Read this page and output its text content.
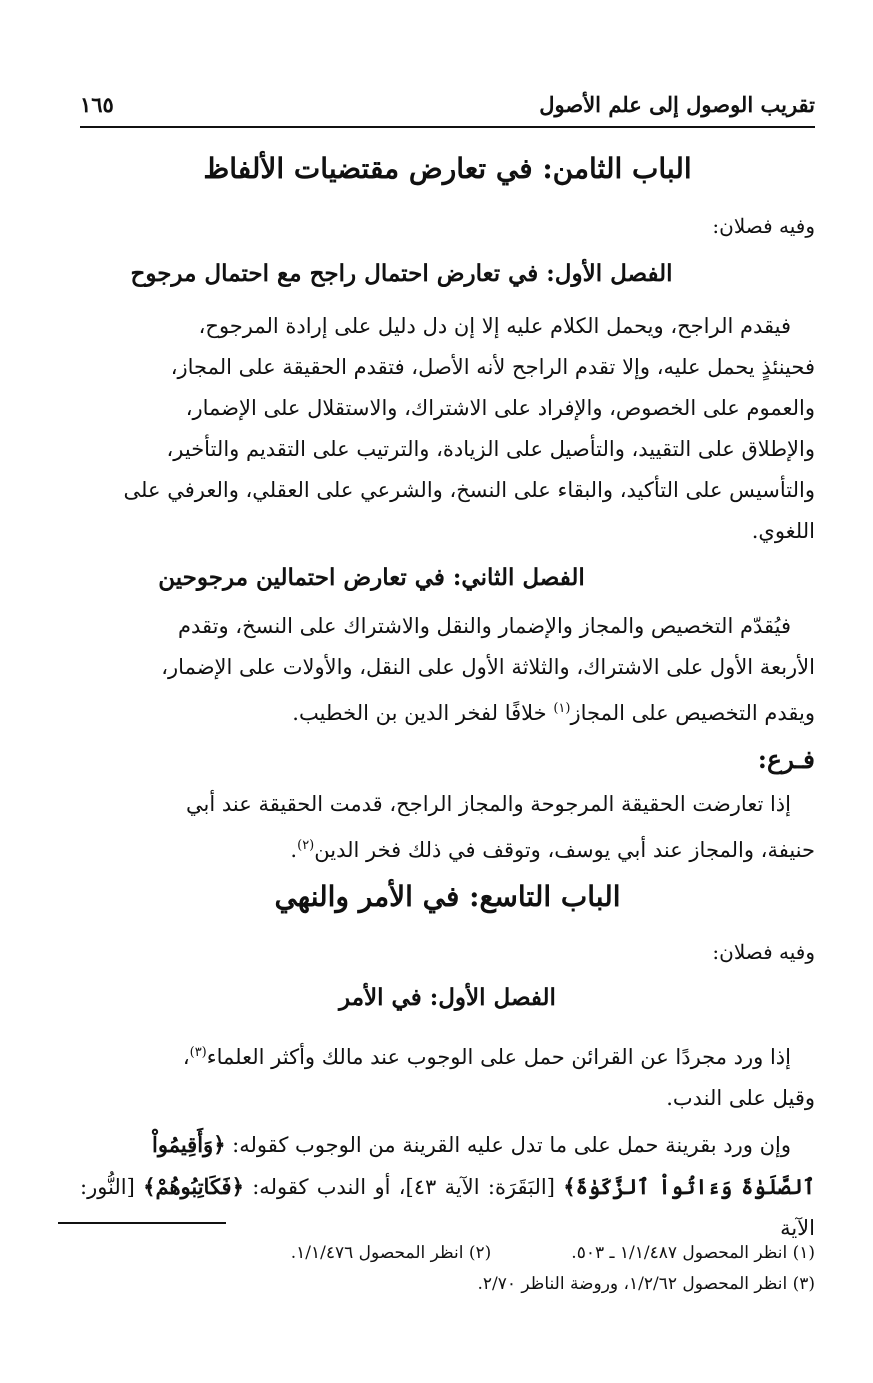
تقريب الوصول إلى علم الأصول
١٦٥
الباب الثامن: في تعارض مقتضيات الألفاظ
وفيه فصلان:
الفصل الأول: في تعارض احتمال راجح مع احتمال مرجوح
فيقدم الراجح، ويحمل الكلام عليه إلا إن دل دليل على إرادة المرجوح،
فحينئذٍ يحمل عليه، وإلا تقدم الراجح لأنه الأصل، فتقدم الحقيقة على المجاز،
والعموم على الخصوص، والإفراد على الاشتراك، والاستقلال على الإضمار،
والإطلاق على التقييد، والتأصيل على الزيادة، والترتيب على التقديم والتأخير،
والتأسيس على التأكيد، والبقاء على النسخ، والشرعي على العقلي، والعرفي على
اللغوي.
الفصل الثاني: في تعارض احتمالين مرجوحين
فيُقدّم التخصيص والمجاز والإضمار والنقل والاشتراك على النسخ، وتقدم
الأربعة الأول على الاشتراك، والثلاثة الأول على النقل، والأولات على الإضمار،
ويقدم التخصيص على المجاز$^{(١)}$ خلافًا لفخر الدين بن الخطيب.
فـرع:
إذا تعارضت الحقيقة المرجوحة والمجاز الراجح، قدمت الحقيقة عند أبي
حنيفة، والمجاز عند أبي يوسف، وتوقف في ذلك فخر الدين$^{(٢)}$.
الباب التاسع: في الأمر والنهي
وفيه فصلان:
الفصل الأول: في الأمر
إذا ورد مجردًا عن القرائن حمل على الوجوب عند مالك وأكثر العلماء$^{(٣)}$،
وقيل على الندب.
وإن ورد بقرينة حمل على ما تدل عليه القرينة من الوجوب كقوله: ﴿وَأَقِيمُواْ
ٱلصَّلَوٰةَ وَءَاتُواْ ٱلزَّكَوٰةَ﴾ [البَقَرَة: الآية ٤٣]، أو الندب كقوله: ﴿فَكَاتِبُوهُمْ﴾ [النُّور: الآية
(١) انظر المحصول ١/١/٤٨٧ ـ ٥٠٣.
(٢) انظر المحصول ١/١/٤٧٦.
(٣) انظر المحصول ١/٢/٦٢، وروضة الناظر ٢/٧٠.
